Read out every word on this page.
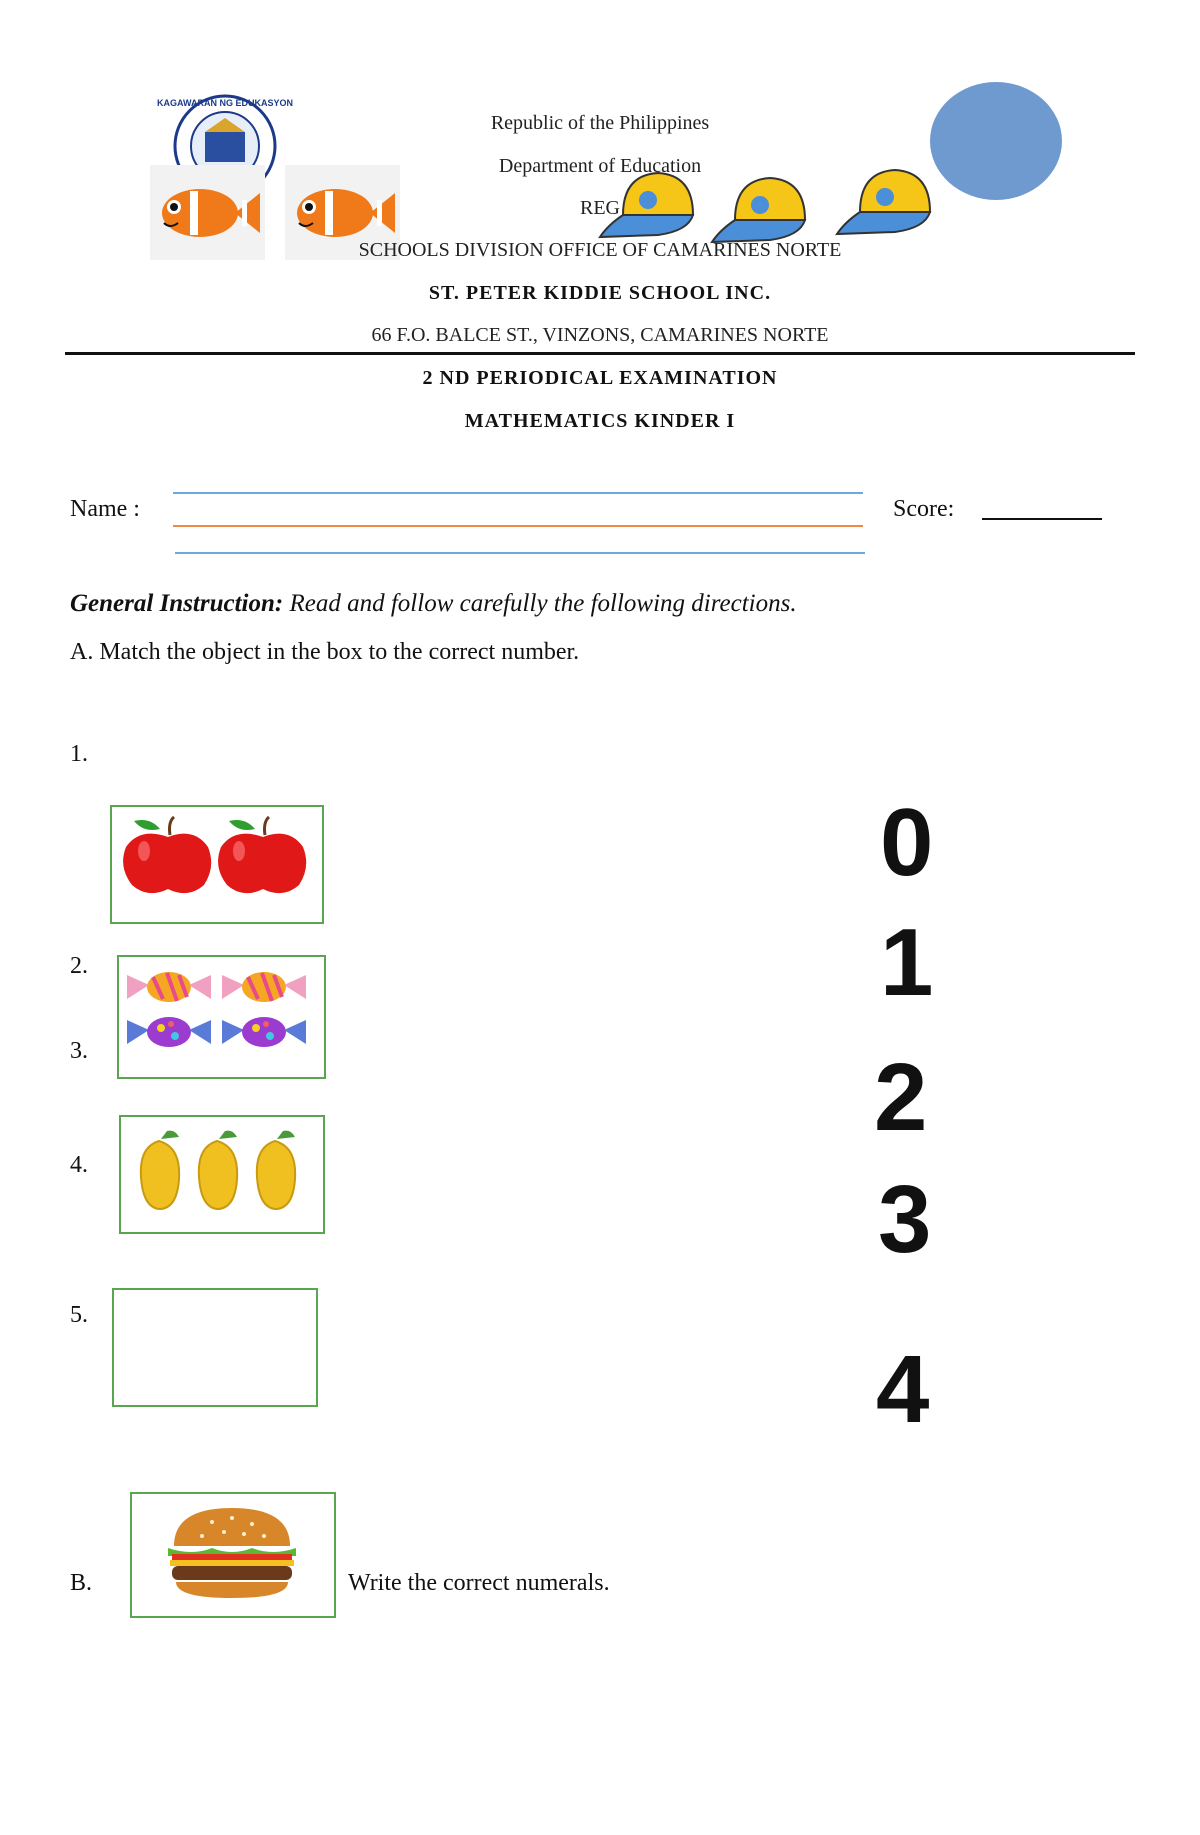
KAGAWARAN NG EDUKASYON
Republic of the Philippines
Department of Education
REG
SCHOOLS DIVISION OFFICE OF CAMARINES NORTE
ST. PETER KIDDIE SCHOOL INC.
66 F.O. BALCE ST., VINZONS, CAMARINES NORTE
2 ND PERIODICAL EXAMINATION
MATHEMATICS KINDER I
Name :	Score:
General Instruction: Read and follow carefully the following directions.
A. Match the object in the box to the correct number.
1.
2.
3.
4.
5.
0
1
2
3
4
B.	Write the correct numerals.
